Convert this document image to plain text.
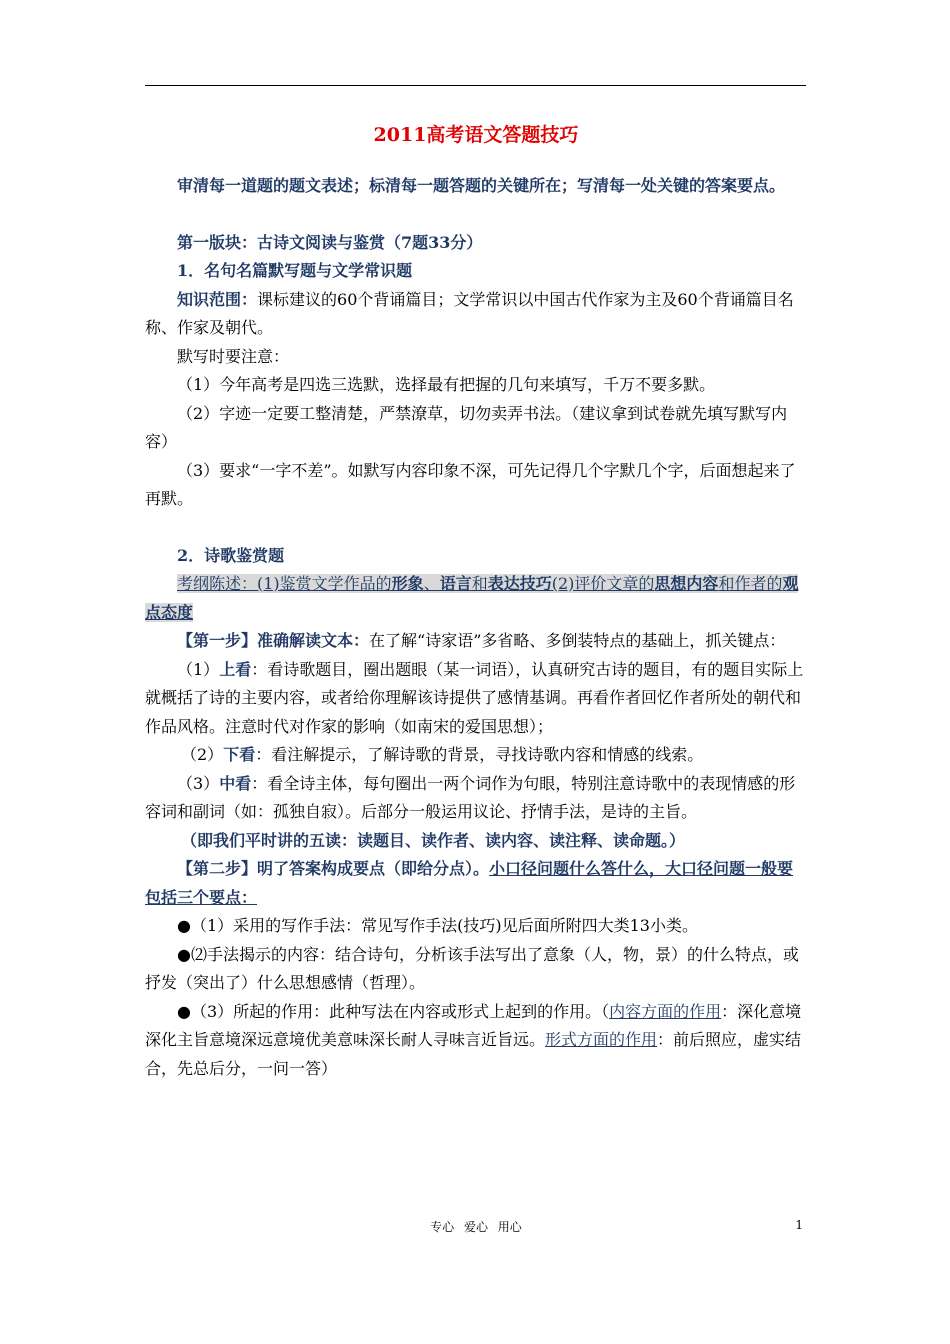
2011高考语文答题技巧

审清每一道题的题文表述；标清每一题答题的关键所在；写清每一处关键的答案要点。

第一版块：古诗文阅读与鉴赏（7题33分）

1．名句名篇默写题与文学常识题

知识范围：课标建议的60个背诵篇目；文学常识以中国古代作家为主及60个背诵篇目名称、作家及朝代。

默写时要注意：

（1）今年高考是四选三选默，选择最有把握的几句来填写，千万不要多默。

（2）字迹一定要工整清楚，严禁潦草，切勿卖弄书法。（建议拿到试卷就先填写默写内容）

（3）要求“一字不差”。如默写内容印象不深，可先记得几个字默几个字，后面想起来了再默。

2．诗歌鉴赏题

考纲陈述：(1)鉴赏文学作品的形象、语言和表达技巧(2)评价文章的思想内容和作者的观点态度

【第一步】准确解读文本：在了解“诗家语”多省略、多倒装特点的基础上，抓关键点：

（1）上看：看诗歌题目，圈出题眼（某一词语），认真研究古诗的题目，有的题目实际上就概括了诗的主要内容，或者给你理解该诗提供了感情基调。再看作者回忆作者所处的朝代和作品风格。注意时代对作家的影响（如南宋的爱国思想）；

（2）下看：看注解提示，了解诗歌的背景，寻找诗歌内容和情感的线索。

（3）中看：看全诗主体，每句圈出一两个词作为句眼，特别注意诗歌中的表现情感的形容词和副词（如：孤独自寂）。后部分一般运用议论、抒情手法，是诗的主旨。

（即我们平时讲的五读：读题目、读作者、读内容、读注释、读命题。）

【第二步】明了答案构成要点（即给分点）。小口径问题什么答什么，大口径问题一般要包括三个要点：

●（1）采用的写作手法：常见写作手法(技巧)见后面所附四大类13小类。

●⑵手法揭示的内容：结合诗句，分析该手法写出了意象（人，物，景）的什么特点，或抒发（突出了）什么思想感情（哲理）。

●（3）所起的作用：此种写法在内容或形式上起到的作用。（内容方面的作用：深化意境深化主旨意境深远意境优美意味深长耐人寻味言近旨远。形式方面的作用：前后照应，虚实结合，先总后分，一问一答）

专心 爱心 用心	1
